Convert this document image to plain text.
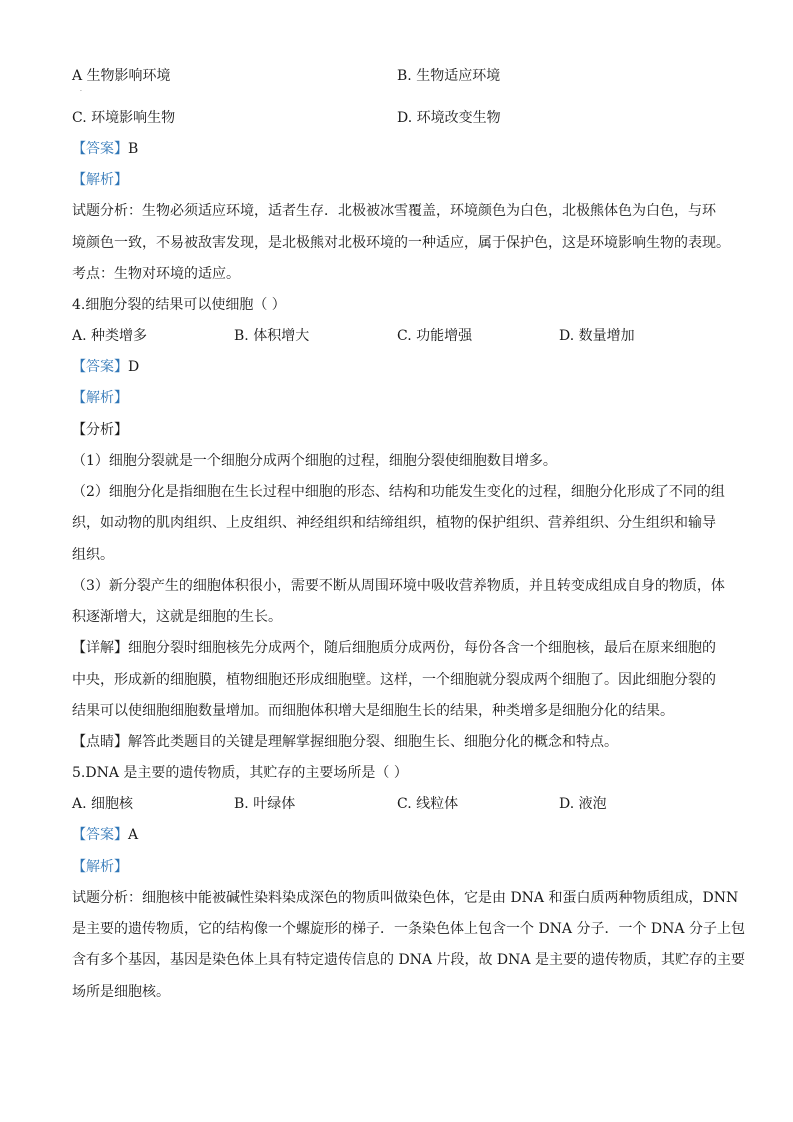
A 生物影响环境	B. 生物适应环境
·
C. 环境影响生物	D. 环境改变生物
【答案】B
【解析】
试题分析：生物必须适应环境，适者生存．北极被冰雪覆盖，环境颜色为白色，北极熊体色为白色，与环
境颜色一致，不易被敌害发现，是北极熊对北极环境的一种适应，属于保护色，这是环境影响生物的表现。
考点：生物对环境的适应。
4.细胞分裂的结果可以使细胞（ ）
A. 种类增多	B. 体积增大	C. 功能增强	D. 数量增加
【答案】D
【解析】
【分析】
（1）细胞分裂就是一个细胞分成两个细胞的过程，细胞分裂使细胞数目增多。
（2）细胞分化是指细胞在生长过程中细胞的形态、结构和功能发生变化的过程，细胞分化形成了不同的组
织，如动物的肌肉组织、上皮组织、神经组织和结缔组织，植物的保护组织、营养组织、分生组织和输导
组织。
（3）新分裂产生的细胞体积很小，需要不断从周围环境中吸收营养物质，并且转变成组成自身的物质，体
积逐渐增大，这就是细胞的生长。
【详解】细胞分裂时细胞核先分成两个，随后细胞质分成两份，每份各含一个细胞核，最后在原来细胞的
中央，形成新的细胞膜，植物细胞还形成细胞壁。这样，一个细胞就分裂成两个细胞了。因此细胞分裂的
结果可以使细胞细胞数量增加。而细胞体积增大是细胞生长的结果，种类增多是细胞分化的结果。
【点睛】解答此类题目的关键是理解掌握细胞分裂、细胞生长、细胞分化的概念和特点。
5.DNA 是主要的遗传物质，其贮存的主要场所是（ ）
A. 细胞核	B. 叶绿体	C. 线粒体	D. 液泡
【答案】A
【解析】
试题分析：细胞核中能被碱性染料染成深色的物质叫做染色体，它是由 DNA 和蛋白质两种物质组成，DNN
是主要的遗传物质，它的结构像一个螺旋形的梯子．一条染色体上包含一个 DNA 分子．一个 DNA 分子上包
含有多个基因，基因是染色体上具有特定遗传信息的 DNA 片段，故 DNA 是主要的遗传物质，其贮存的主要
场所是细胞核。
